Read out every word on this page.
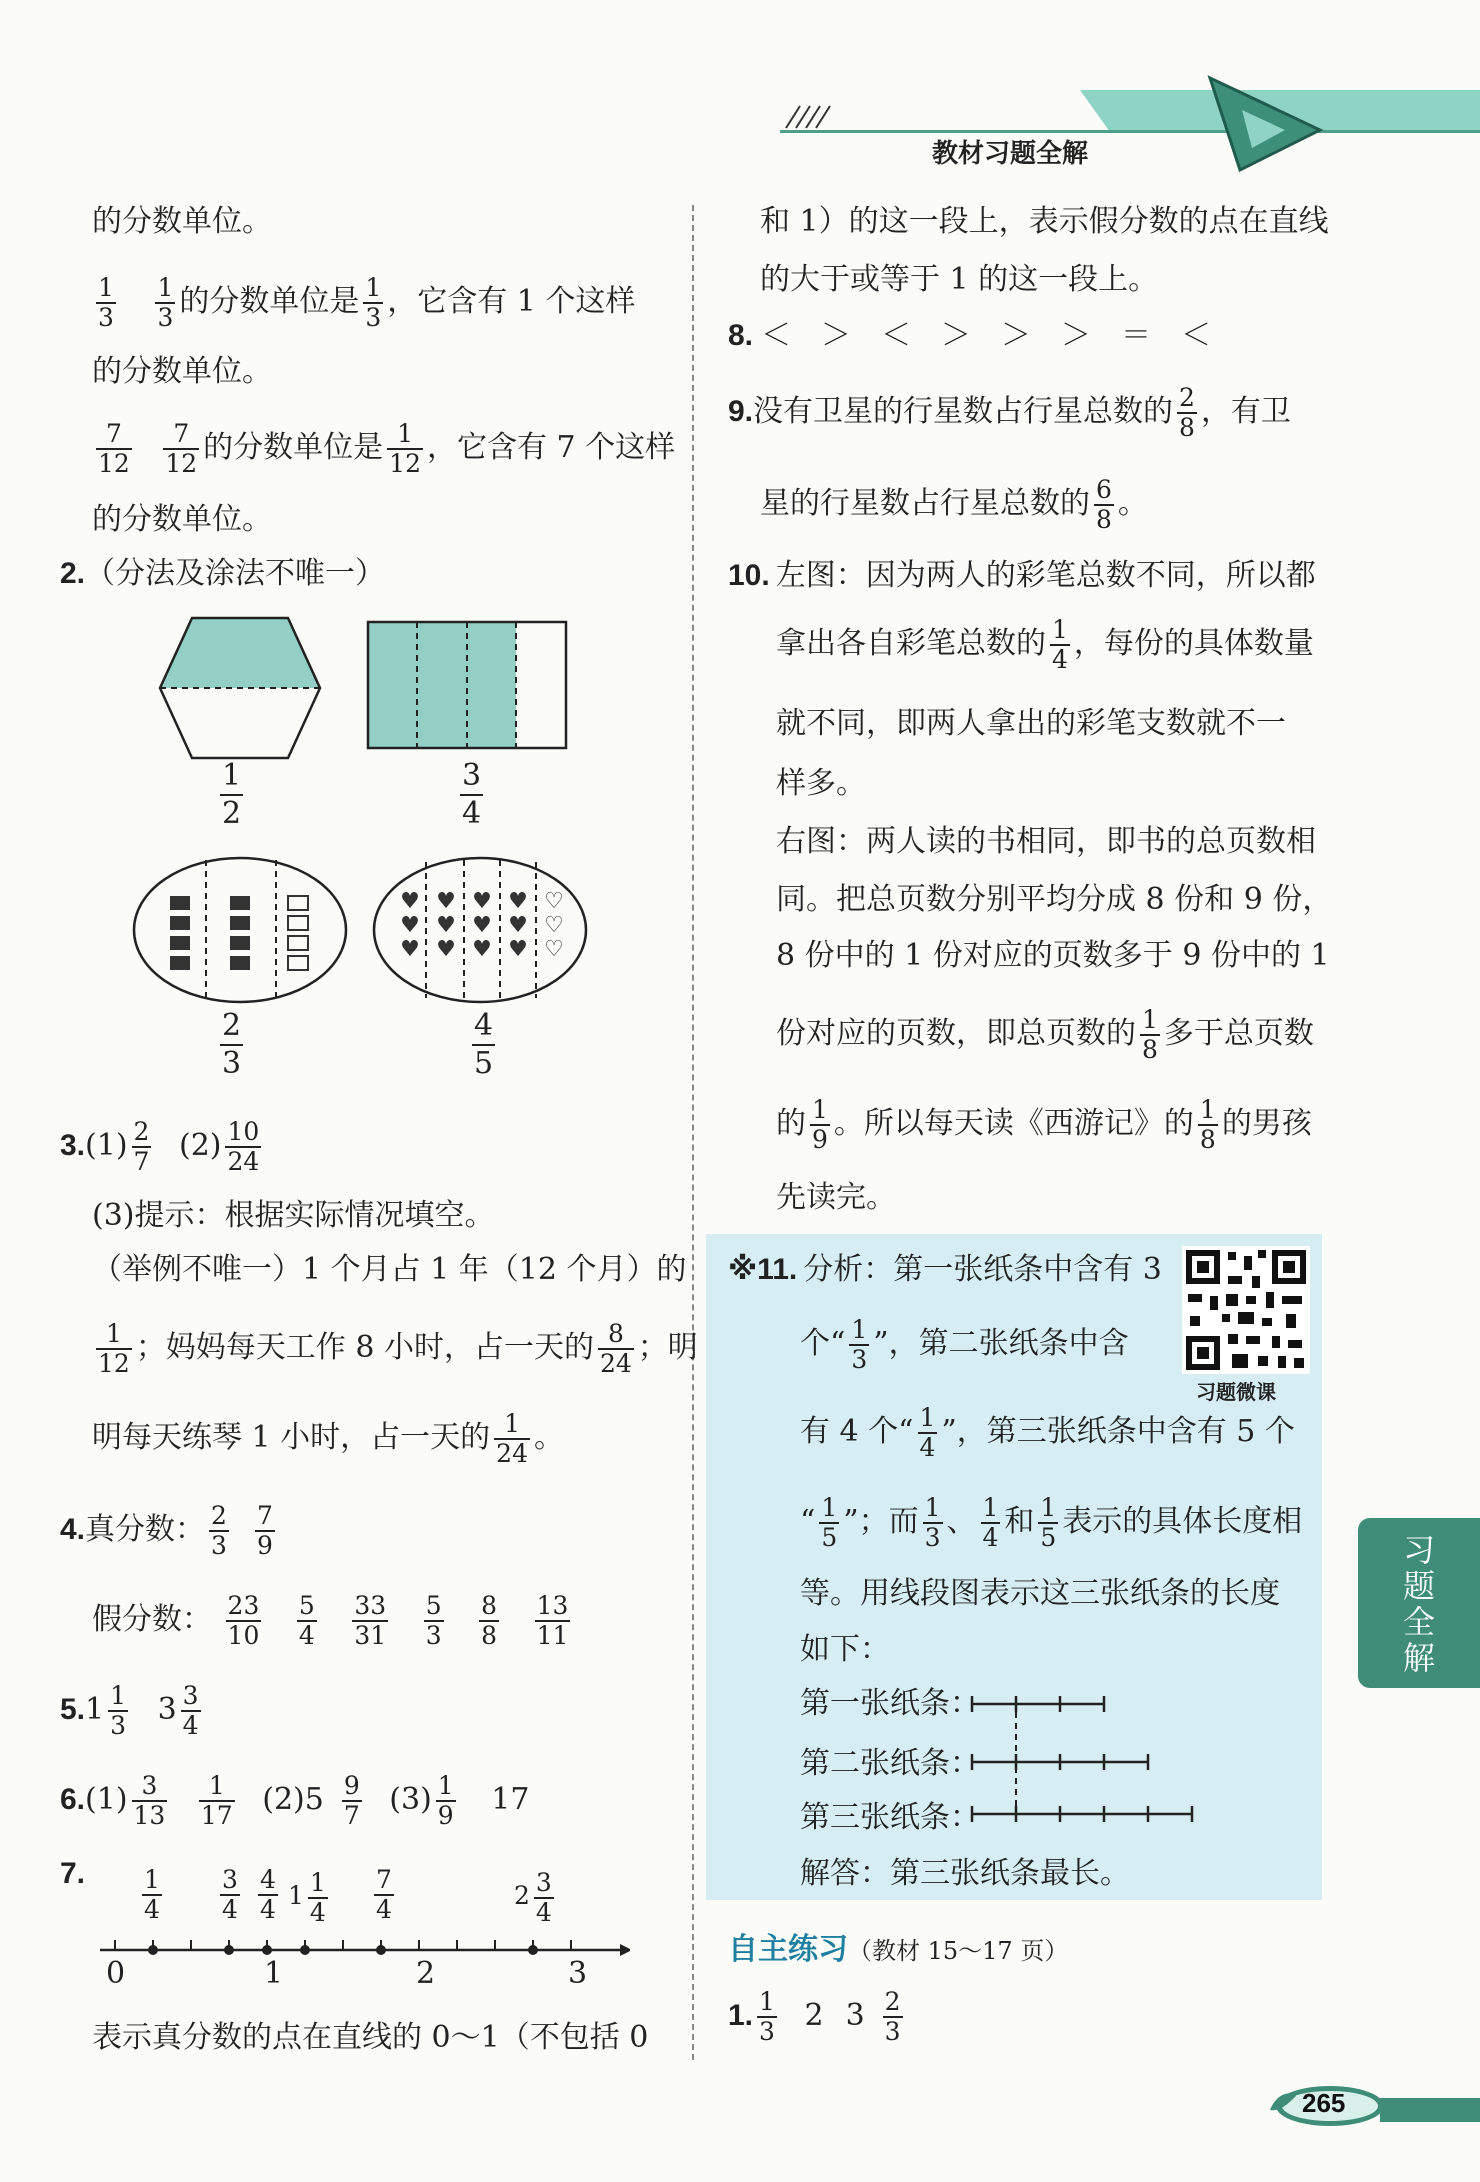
教材习题全解
的分数单位。
$\frac{1}{3}$
$\frac{1}{3}$ 的分数单位是 $\frac{1}{3}$ ，它含有 1 个这样
的分数单位。
$\frac{7}{12}$
$\frac{7}{12}$ 的分数单位是 $\frac{1}{12}$ ，它含有 7 个这样
的分数单位。
2.（分法及涂法不唯一）
$\frac{1}{2}$	$\frac{3}{4}$
♥
♥
♥
♥
♥
♥
♥
♥
♥
♥
♥
♥
♡
♡
♡
$\frac{2}{3}$	$\frac{4}{5}$
$3.(1) \frac{2}{7} (2) \frac{10}{24}$
(3)提示：根据实际情况填空。
（举例不唯一）1 个月占 1 年（12 个月）的
$\frac{1}{12}$ ；妈妈每天工作 8 小时，占一天的 $\frac{8}{24}$ ；明
明每天练琴 1 小时，占一天的 $\frac{1}{24}$ 。
4.真分数： $\frac{2}{3} \frac{7}{9}$
假分数： $\frac{23}{10}$
$\frac{5}{4}$
$\frac{33}{31}$
$\frac{5}{3}$
$\frac{8}{8}$
$\frac{13}{11}$
$5.1 \frac{1}{3} 3 \frac{3}{4}$
$6.(1) \frac{3}{13}$
$\frac{1}{17} (2)5 \frac{9}{7} (3) \frac{1}{9} 17$
7. $\frac{1}{4} \frac{3}{4} \frac{4}{4} 1 \frac{1}{4} \frac{7}{4}$	$2 \frac{3}{4}$
0	1	2	3
表示真分数的点在直线的 0～1（不包括 0
和 1）的这一段上，表示假分数的点在直线
的大于或等于 1 的这一段上。
8. ＜　＞　＜　＞　＞　＞　＝　＜
9.没有卫星的行星数占行星总数的 $\frac{2}{8}$ ，有卫
星的行星数占行星总数的 $\frac{6}{8}$ 。
10. 左图：因为两人的彩笔总数不同，所以都
拿出各自彩笔总数的 $\frac{1}{4}$ ，每份的具体数量
就不同，即两人拿出的彩笔支数就不一
样多。
右图：两人读的书相同，即书的总页数相
同。把总页数分别平均分成 8 份和 9 份，
8 份中的 1 份对应的页数多于 9 份中的 1
份对应的页数，即总页数的 $\frac{1}{8}$ 多于总页数
的 $\frac{1}{9}$ 。所以每天读《西游记》的 $\frac{1}{8}$ 的男孩
先读完。
※11. 分析：第一张纸条中含有 3
个“ $\frac{1}{3}$ ”，第二张纸条中含
习题微课
有 4 个“ $\frac{1}{4}$ ”，第三张纸条中含有 5 个
“ $\frac{1}{5}$ ”；而 $\frac{1}{3}$ 、 $\frac{1}{4}$ 和 $\frac{1}{5}$ 表示的具体长度相
等。用线段图表示这三张纸条的长度
如下：
第一张纸条：
第二张纸条：
第三张纸条：
解答：第三张纸条最长。
自主练习（教材 15～17 页）
1. $\frac{1}{3} 2$ $3 \frac{2}{3}$
习
题
全
解
265
